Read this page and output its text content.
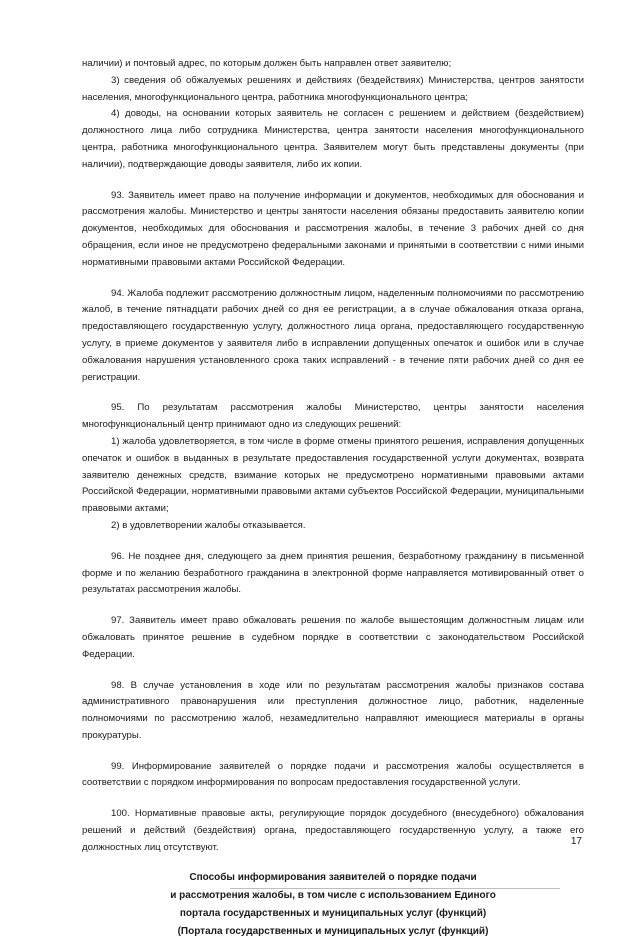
наличии) и почтовый адрес, по которым должен быть направлен ответ заявителю;

3) сведения об обжалуемых решениях и действиях (бездействиях) Министерства, центров занятости населения, многофункционального центра, работника многофункционального центра;

4) доводы, на основании которых заявитель не согласен с решением и действием (бездействием) должностного лица либо сотрудника Министерства, центра занятости населения многофункционального центра, работника многофункционального центра. Заявителем могут быть представлены документы (при наличии), подтверждающие доводы заявителя, либо их копии.

93. Заявитель имеет право на получение информации и документов, необходимых для обоснования и рассмотрения жалобы. Министерство и центры занятости населения обязаны предоставить заявителю копии документов, необходимых для обоснования и рассмотрения жалобы, в течение 3 рабочих дней со дня обращения, если иное не предусмотрено федеральными законами и принятыми в соответствии с ними иными нормативными правовыми актами Российской Федерации.

94. Жалоба подлежит рассмотрению должностным лицом, наделенным полномочиями по рассмотрению жалоб, в течение пятнадцати рабочих дней со дня ее регистрации, а в случае обжалования отказа органа, предоставляющего государственную услугу, должностного лица органа, предоставляющего государственную услугу, в приеме документов у заявителя либо в исправлении допущенных опечаток и ошибок или в случае обжалования нарушения установленного срока таких исправлений - в течение пяти рабочих дней со дня ее регистрации.

95. По результатам рассмотрения жалобы Министерство, центры занятости населения многофункциональный центр принимают одно из следующих решений:

1) жалоба удовлетворяется, в том числе в форме отмены принятого решения, исправления допущенных опечаток и ошибок в выданных в результате предоставления государственной услуги документах, возврата заявителю денежных средств, взимание которых не предусмотрено нормативными правовыми актами Российской Федерации, нормативными правовыми актами субъектов Российской Федерации, муниципальными правовыми актами;

2) в удовлетворении жалобы отказывается.

96. Не позднее дня, следующего за днем принятия решения, безработному гражданину в письменной форме и по желанию безработного гражданина в электронной форме направляется мотивированный ответ о результатах рассмотрения жалобы.

97. Заявитель имеет право обжаловать решения по жалобе вышестоящим должностным лицам или обжаловать принятое решение в судебном порядке в соответствии с законодательством Российской Федерации.

98. В случае установления в ходе или по результатам рассмотрения жалобы признаков состава административного правонарушения или преступления должностное лицо, работник, наделенные полномочиями по рассмотрению жалоб, незамедлительно направляют имеющиеся материалы в органы прокуратуры.

99. Информирование заявителей о порядке подачи и рассмотрения жалобы осуществляется в соответствии с порядком информирования по вопросам предоставления государственной услуги.

100. Нормативные правовые акты, регулирующие порядок досудебного (внесудебного) обжалования решений и действий (бездействия) органа, предоставляющего государственную услугу, а также его должностных лиц отсутствуют.

Способы информирования заявителей о порядке подачи
и рассмотрения жалобы, в том числе с использованием Единого
портала государственных и муниципальных услуг (функций)
(Портала государственных и муниципальных услуг (функций)
17
